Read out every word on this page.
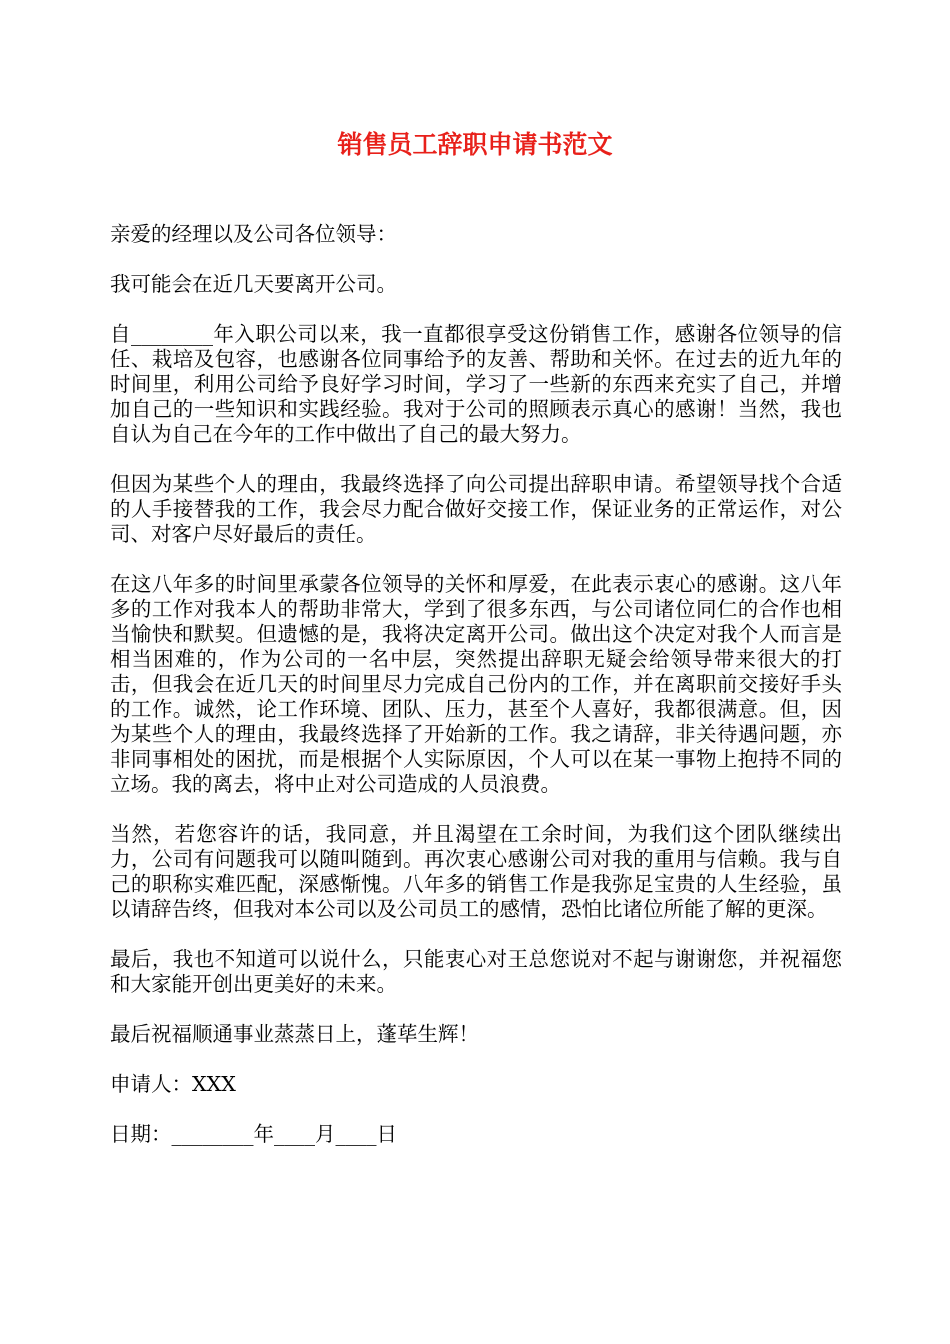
销售员工辞职申请书范文

亲爱的经理以及公司各位领导：

我可能会在近几天要离开公司。

自________年入职公司以来，我一直都很享受这份销售工作，感谢各位领导的信任、栽培及包容，也感谢各位同事给予的友善、帮助和关怀。在过去的近九年的时间里，利用公司给予良好学习时间，学习了一些新的东西来充实了自己，并增加自己的一些知识和实践经验。我对于公司的照顾表示真心的感谢！当然，我也自认为自己在今年的工作中做出了自己的最大努力。

但因为某些个人的理由，我最终选择了向公司提出辞职申请。希望领导找个合适的人手接替我的工作，我会尽力配合做好交接工作，保证业务的正常运作，对公司、对客户尽好最后的责任。

在这八年多的时间里承蒙各位领导的关怀和厚爱，在此表示衷心的感谢。这八年多的工作对我本人的帮助非常大，学到了很多东西，与公司诸位同仁的合作也相当愉快和默契。但遗憾的是，我将决定离开公司。做出这个决定对我个人而言是相当困难的，作为公司的一名中层，突然提出辞职无疑会给领导带来很大的打击，但我会在近几天的时间里尽力完成自己份内的工作，并在离职前交接好手头的工作。诚然，论工作环境、团队、压力，甚至个人喜好，我都很满意。但，因为某些个人的理由，我最终选择了开始新的工作。我之请辞，非关待遇问题，亦非同事相处的困扰，而是根据个人实际原因，个人可以在某一事物上抱持不同的立场。我的离去，将中止对公司造成的人员浪费。

当然，若您容许的话，我同意，并且渴望在工余时间，为我们这个团队继续出力，公司有问题我可以随叫随到。再次衷心感谢公司对我的重用与信赖。我与自己的职称实难匹配，深感惭愧。八年多的销售工作是我弥足宝贵的人生经验，虽以请辞告终，但我对本公司以及公司员工的感情，恐怕比诸位所能了解的更深。

最后，我也不知道可以说什么，只能衷心对王总您说对不起与谢谢您，并祝福您和大家能开创出更美好的未来。

最后祝福顺通事业蒸蒸日上，蓬荜生辉！

申请人：XXX

日期：________年____月____日
